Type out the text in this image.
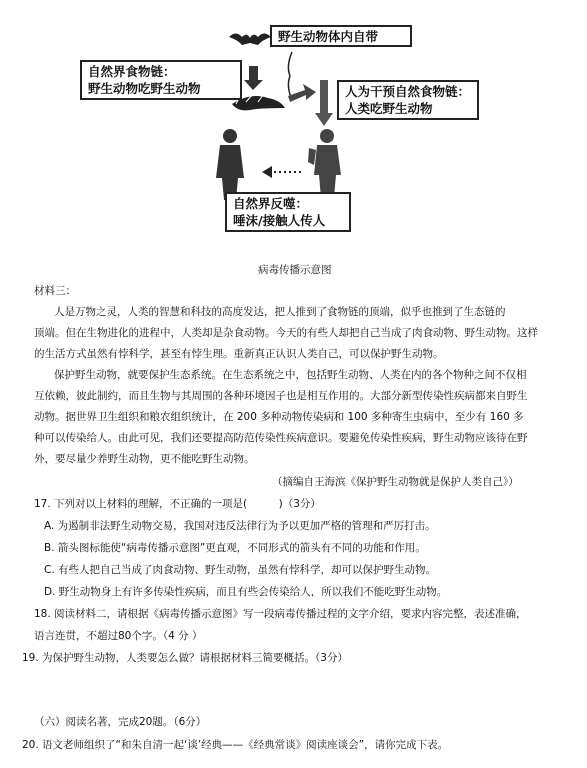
野生动物体内自带
自然界食物链：
野生动物吃野生动物	人为干预自然食物链：
人类吃野生动物
自然界反噬：
唾沫/接触人传人
病毒传播示意图
材料三：
人是万物之灵，人类的智慧和科技的高度发达，把人推到了食物链的顶端，似乎也推到了生态链的
顶端。但在生物进化的进程中，人类却是杂食动物。今天的有些人却把自己当成了肉食动物、野生动物。这样
的生活方式虽然有悖科学，甚至有悖生理。重新真正认识人类自己，可以保护野生动物。
保护野生动物，就要保护生态系统。在生态系统之中，包括野生动物、人类在内的各个物种之间不仅相
互依赖，彼此制约，而且生物与其周围的各种环境因子也是相互作用的。大部分新型传染性疾病都来自野生
动物。据世界卫生组织和粮农组织统计，在 200 多种动物传染病和 100 多种寄生虫病中，至少有 160 多
种可以传染给人。由此可见，我们还要提高防范传染性疾病意识。要避免传染性疾病，野生动物应该待在野
外，要尽量少养野生动物，更不能吃野生动物。
（摘编自王海滨《保护野生动物就是保护人类自己》）
17. 下列对以上材料的理解，不正确的一项是(　　　)（3分）
A. 为遏制非法野生动物交易，我国对违反法律行为予以更加严格的管理和严厉打击。
B. 箭头图标能使“病毒传播示意图”更直观，不同形式的箭头有不同的功能和作用。
C. 有些人把自己当成了肉食动物、野生动物，虽然有悖科学，却可以保护野生动物。
D. 野生动物身上有许多传染性疾病，而且有些会传染给人，所以我们不能吃野生动物。
18. 阅读材料二，请根据《病毒传播示意图》写一段病毒传播过程的文字介绍，要求内容完整，表述准确，
语言连贯，不超过80个字。（4 分 ）
19. 为保护野生动物，人类要怎么做？请根据材料三简要概括。（3分）
（六）阅读名著，完成20题。（6分）
20. 语文老师组织了“和朱自清一起‘谈’经典——《经典常谈》阅读座谈会”，请你完成下表。
